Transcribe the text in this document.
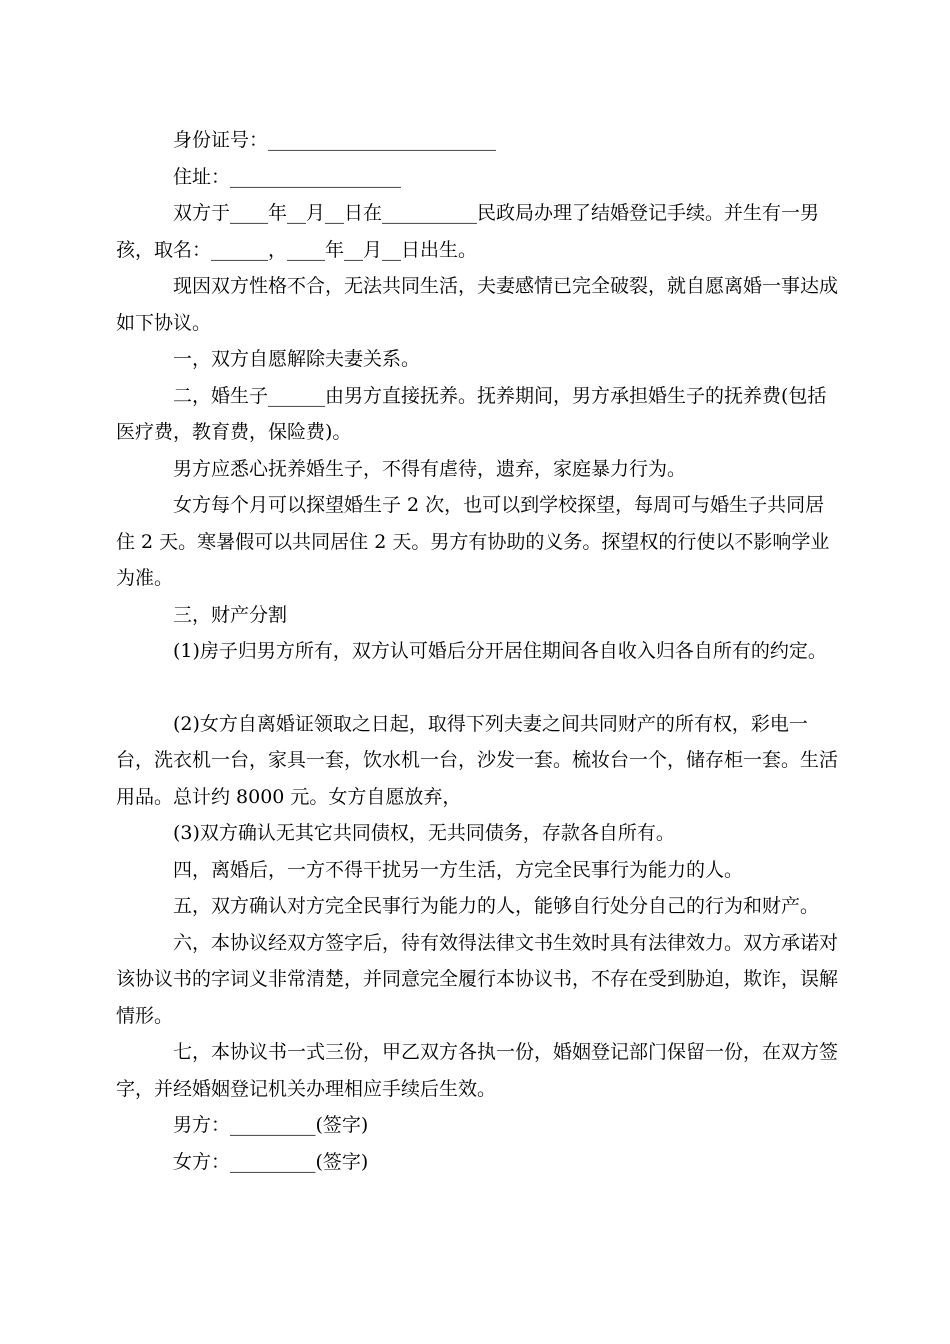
身份证号：________________________

住址：__________________

双方于____年__月__日在__________民政局办理了结婚登记手续。并生有一男孩，取名：______，____年__月__日出生。

现因双方性格不合，无法共同生活，夫妻感情已完全破裂，就自愿离婚一事达成如下协议。

一，双方自愿解除夫妻关系。

二，婚生子______由男方直接抚养。抚养期间，男方承担婚生子的抚养费(包括医疗费，教育费，保险费)。

男方应悉心抚养婚生子，不得有虐待，遗弃，家庭暴力行为。

女方每个月可以探望婚生子 2 次，也可以到学校探望，每周可与婚生子共同居住 2 天。寒暑假可以共同居住 2 天。男方有协助的义务。探望权的行使以不影响学业为准。

三，财产分割

(1)房子归男方所有，双方认可婚后分开居住期间各自收入归各自所有的约定。

(2)女方自离婚证领取之日起，取得下列夫妻之间共同财产的所有权，彩电一台，洗衣机一台，家具一套，饮水机一台，沙发一套。梳妆台一个，储存柜一套。生活用品。总计约 8000 元。女方自愿放弃，

(3)双方确认无其它共同债权，无共同债务，存款各自所有。

四，离婚后，一方不得干扰另一方生活，方完全民事行为能力的人。

五，双方确认对方完全民事行为能力的人，能够自行处分自己的行为和财产。

六，本协议经双方签字后，待有效得法律文书生效时具有法律效力。双方承诺对该协议书的字词义非常清楚，并同意完全履行本协议书，不存在受到胁迫，欺诈，误解情形。

七，本协议书一式三份，甲乙双方各执一份，婚姻登记部门保留一份，在双方签字，并经婚姻登记机关办理相应手续后生效。

男方：_________(签字)

女方：_________(签字)
